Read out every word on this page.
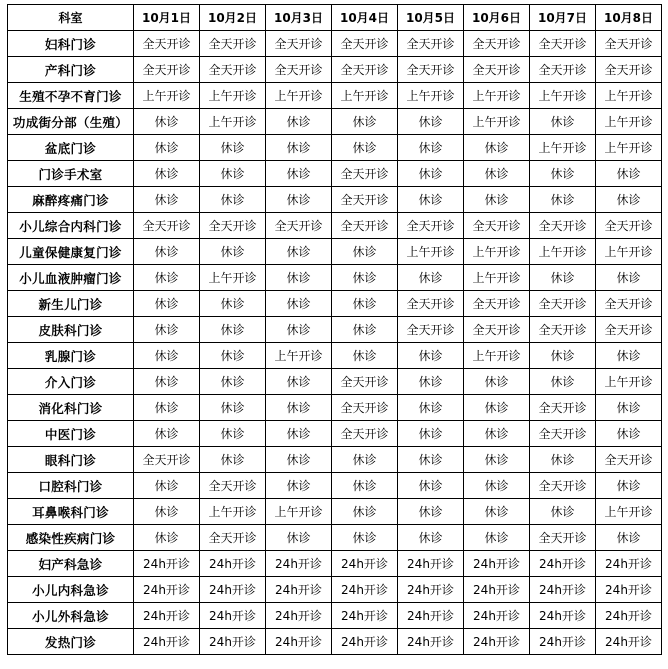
科室	10月1日	10月2日	10月3日	10月4日	10月5日	10月6日	10月7日	10月8日
妇科门诊	全天开诊	全天开诊	全天开诊	全天开诊	全天开诊	全天开诊	全天开诊	全天开诊
产科门诊	全天开诊	全天开诊	全天开诊	全天开诊	全天开诊	全天开诊	全天开诊	全天开诊
生殖不孕不育门诊	上午开诊	上午开诊	上午开诊	上午开诊	上午开诊	上午开诊	上午开诊	上午开诊
功成街分部（生殖）	休诊	上午开诊	休诊	休诊	休诊	上午开诊	休诊	上午开诊
盆底门诊	休诊	休诊	休诊	休诊	休诊	休诊	上午开诊	上午开诊
门诊手术室	休诊	休诊	休诊	全天开诊	休诊	休诊	休诊	休诊
麻醉疼痛门诊	休诊	休诊	休诊	全天开诊	休诊	休诊	休诊	休诊
小儿综合内科门诊	全天开诊	全天开诊	全天开诊	全天开诊	全天开诊	全天开诊	全天开诊	全天开诊
儿童保健康复门诊	休诊	休诊	休诊	休诊	上午开诊	上午开诊	上午开诊	上午开诊
小儿血液肿瘤门诊	休诊	上午开诊	休诊	休诊	休诊	上午开诊	休诊	休诊
新生儿门诊	休诊	休诊	休诊	休诊	全天开诊	全天开诊	全天开诊	全天开诊
皮肤科门诊	休诊	休诊	休诊	休诊	全天开诊	全天开诊	全天开诊	全天开诊
乳腺门诊	休诊	休诊	上午开诊	休诊	休诊	上午开诊	休诊	休诊
介入门诊	休诊	休诊	休诊	全天开诊	休诊	休诊	休诊	上午开诊
消化科门诊	休诊	休诊	休诊	全天开诊	休诊	休诊	全天开诊	休诊
中医门诊	休诊	休诊	休诊	全天开诊	休诊	休诊	全天开诊	休诊
眼科门诊	全天开诊	休诊	休诊	休诊	休诊	休诊	休诊	全天开诊
口腔科门诊	休诊	全天开诊	休诊	休诊	休诊	休诊	全天开诊	休诊
耳鼻喉科门诊	休诊	上午开诊	上午开诊	休诊	休诊	休诊	休诊	上午开诊
感染性疾病门诊	休诊	全天开诊	休诊	休诊	休诊	休诊	全天开诊	休诊
妇产科急诊	24h开诊	24h开诊	24h开诊	24h开诊	24h开诊	24h开诊	24h开诊	24h开诊
小儿内科急诊	24h开诊	24h开诊	24h开诊	24h开诊	24h开诊	24h开诊	24h开诊	24h开诊
小儿外科急诊	24h开诊	24h开诊	24h开诊	24h开诊	24h开诊	24h开诊	24h开诊	24h开诊
发热门诊	24h开诊	24h开诊	24h开诊	24h开诊	24h开诊	24h开诊	24h开诊	24h开诊
